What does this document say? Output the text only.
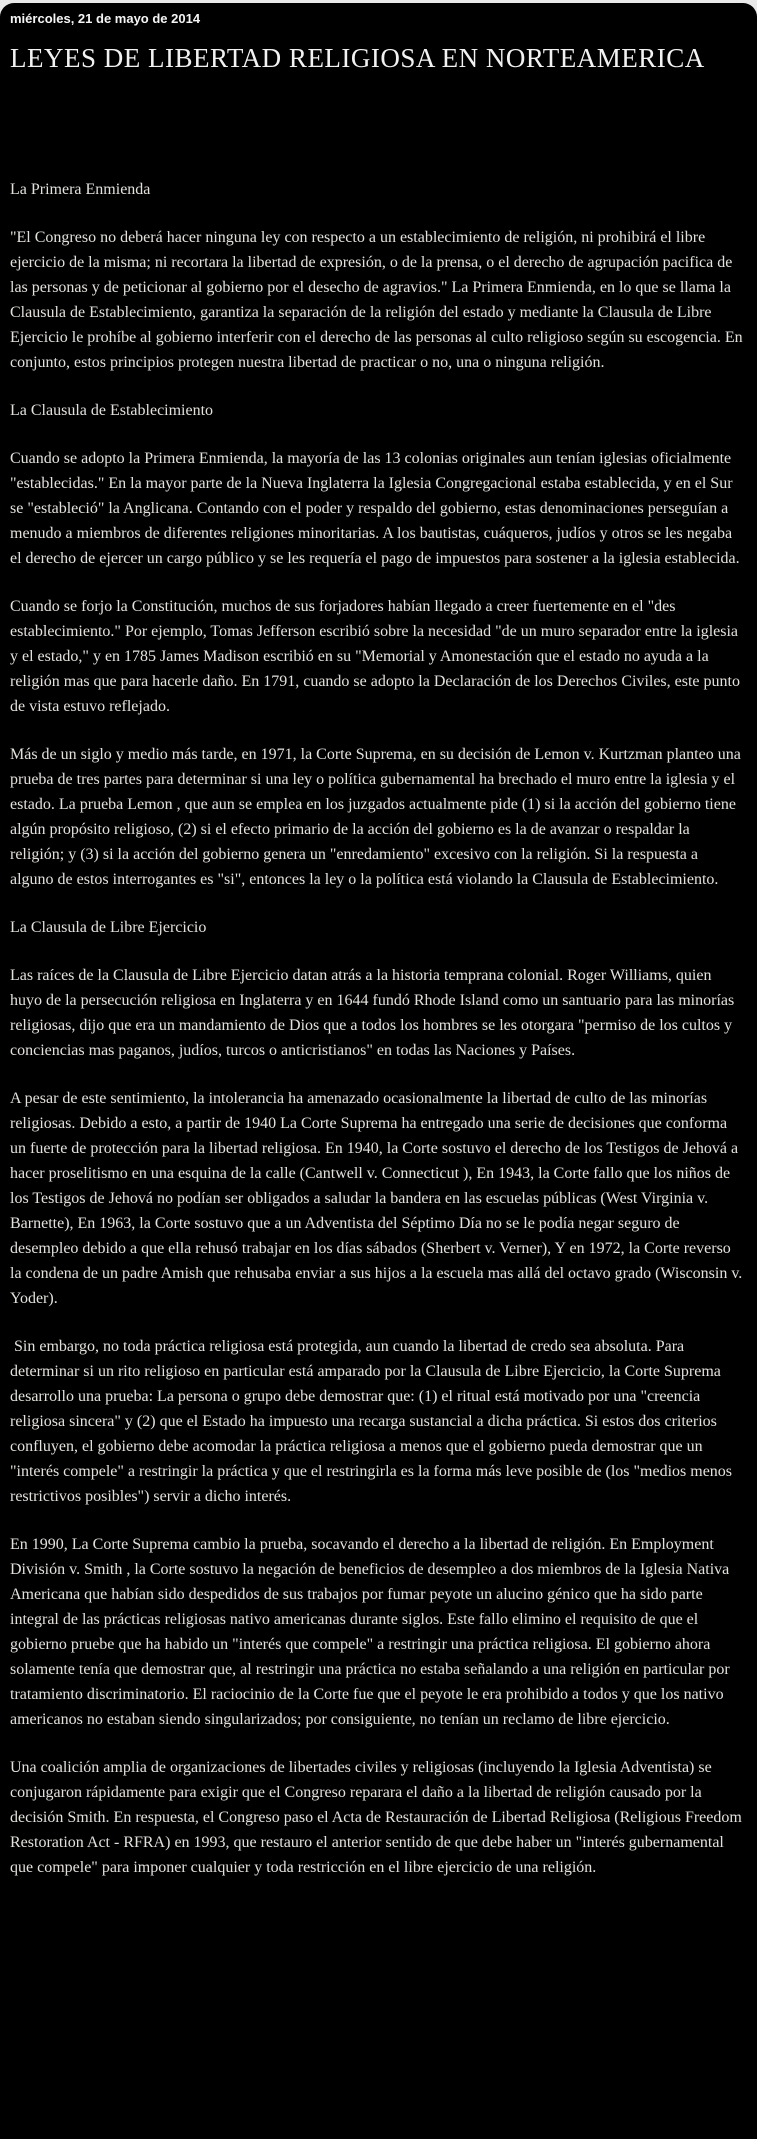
miércoles, 21 de mayo de 2014
LEYES DE LIBERTAD RELIGIOSA EN NORTEAMERICA

La Primera Enmienda

"El Congreso no deberá hacer ninguna ley con respecto a un establecimiento de religión, ni prohibirá el libre ejercicio de la misma; ni recortara la libertad de expresión, o de la prensa, o el derecho de agrupación pacifica de las personas y de peticionar al gobierno por el desecho de agravios." La Primera Enmienda, en lo que se llama la Clausula de Establecimiento, garantiza la separación de la religión del estado y mediante la Clausula de Libre Ejercicio le prohíbe al gobierno interferir con el derecho de las personas al culto religioso según su escogencia. En conjunto, estos principios protegen nuestra libertad de practicar o no, una o ninguna religión.

La Clausula de Establecimiento

Cuando se adopto la Primera Enmienda, la mayoría de las 13 colonias originales aun tenían iglesias oficialmente "establecidas." En la mayor parte de la Nueva Inglaterra la Iglesia Congregacional estaba establecida, y en el Sur se "estableció" la Anglicana. Contando con el poder y respaldo del gobierno, estas denominaciones perseguían a menudo a miembros de diferentes religiones minoritarias. A los bautistas, cuáqueros, judíos y otros se les negaba el derecho de ejercer un cargo público y se les requería el pago de impuestos para sostener a la iglesia establecida.

Cuando se forjo la Constitución, muchos de sus forjadores habían llegado a creer fuertemente en el "des establecimiento." Por ejemplo, Tomas Jefferson escribió sobre la necesidad "de un muro separador entre la iglesia y el estado," y en 1785 James Madison escribió en su "Memorial y Amonestación que el estado no ayuda a la religión mas que para hacerle daño. En 1791, cuando se adopto la Declaración de los Derechos Civiles, este punto de vista estuvo reflejado.

Más de un siglo y medio más tarde, en 1971, la Corte Suprema, en su decisión de Lemon v. Kurtzman planteo una prueba de tres partes para determinar si una ley o política gubernamental ha brechado el muro entre la iglesia y el estado. La prueba Lemon , que aun se emplea en los juzgados actualmente pide (1) si la acción del gobierno tiene algún propósito religioso, (2) si el efecto primario de la acción del gobierno es la de avanzar o respaldar la religión; y (3) si la acción del gobierno genera un "enredamiento" excesivo con la religión. Si la respuesta a alguno de estos interrogantes es "si", entonces la ley o la política está violando la Clausula de Establecimiento.

La Clausula de Libre Ejercicio

Las raíces de la Clausula de Libre Ejercicio datan atrás a la historia temprana colonial. Roger Williams, quien huyo de la persecución religiosa en Inglaterra y en 1644 fundó Rhode Island como un santuario para las minorías religiosas, dijo que era un mandamiento de Dios que a todos los hombres se les otorgara "permiso de los cultos y conciencias mas paganos, judíos, turcos o anticristianos" en todas las Naciones y Países.

A pesar de este sentimiento, la intolerancia ha amenazado ocasionalmente la libertad de culto de las minorías religiosas. Debido a esto, a partir de 1940 La Corte Suprema ha entregado una serie de decisiones que conforma un fuerte de protección para la libertad religiosa. En 1940, la Corte sostuvo el derecho de los Testigos de Jehová a hacer proselitismo en una esquina de la calle (Cantwell v. Connecticut ), En 1943, la Corte fallo que los niños de los Testigos de Jehová no podían ser obligados a saludar la bandera en las escuelas públicas (West Virginia v. Barnette), En 1963, la Corte sostuvo que a un Adventista del Séptimo Día no se le podía negar seguro de desempleo debido a que ella rehusó trabajar en los días sábados (Sherbert v. Verner), Y en 1972, la Corte reverso la condena de un padre Amish que rehusaba enviar a sus hijos a la escuela mas allá del octavo grado (Wisconsin v. Yoder).

Sin embargo, no toda práctica religiosa está protegida, aun cuando la libertad de credo sea absoluta. Para determinar si un rito religioso en particular está amparado por la Clausula de Libre Ejercicio, la Corte Suprema desarrollo una prueba: La persona o grupo debe demostrar que: (1) el ritual está motivado por una "creencia religiosa sincera" y (2) que el Estado ha impuesto una recarga sustancial a dicha práctica. Si estos dos criterios confluyen, el gobierno debe acomodar la práctica religiosa a menos que el gobierno pueda demostrar que un "interés compele" a restringir la práctica y que el restringirla es la forma más leve posible de (los "medios menos restrictivos posibles") servir a dicho interés.

En 1990, La Corte Suprema cambio la prueba, socavando el derecho a la libertad de religión. En Employment División v. Smith , la Corte sostuvo la negación de beneficios de desempleo a dos miembros de la Iglesia Nativa Americana que habían sido despedidos de sus trabajos por fumar peyote un alucino génico que ha sido parte integral de las prácticas religiosas nativo americanas durante siglos. Este fallo elimino el requisito de que el gobierno pruebe que ha habido un "interés que compele" a restringir una práctica religiosa. El gobierno ahora solamente tenía que demostrar que, al restringir una práctica no estaba señalando a una religión en particular por tratamiento discriminatorio. El raciocinio de la Corte fue que el peyote le era prohibido a todos y que los nativo americanos no estaban siendo singularizados; por consiguiente, no tenían un reclamo de libre ejercicio.

Una coalición amplia de organizaciones de libertades civiles y religiosas (incluyendo la Iglesia Adventista) se conjugaron rápidamente para exigir que el Congreso reparara el daño a la libertad de religión causado por la decisión Smith. En respuesta, el Congreso paso el Acta de Restauración de Libertad Religiosa (Religious Freedom Restoration Act - RFRA) en 1993, que restauro el anterior sentido de que debe haber un "interés gubernamental que compele" para imponer cualquier y toda restricción en el libre ejercicio de una religión.
